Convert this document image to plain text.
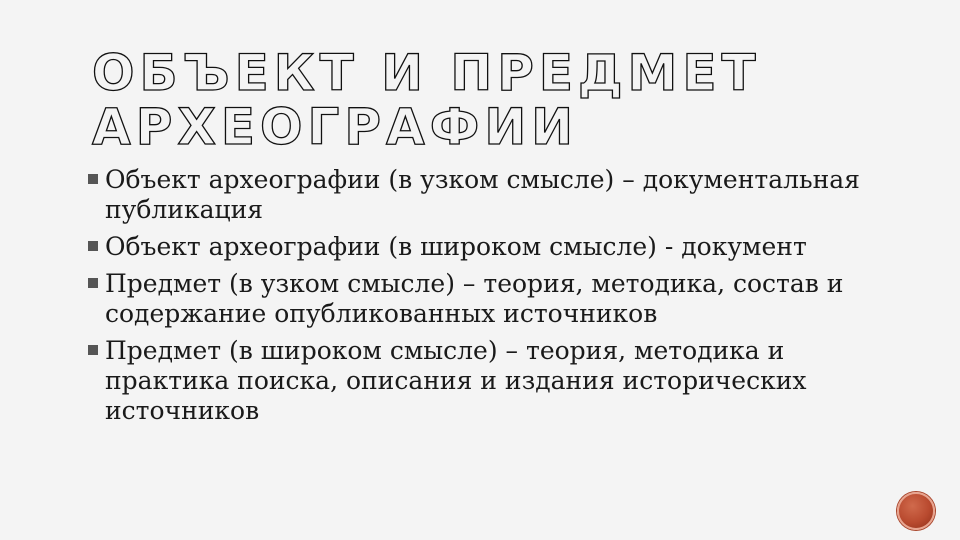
ОБЪЕКТ И ПРЕДМЕТ
АРХЕОГРАФИИ
Объект археографии (в узком смысле) – документальная публикация
Объект археографии (в широком смысле) - документ
Предмет (в узком смысле) – теория, методика, состав и содержание опубликованных источников
Предмет (в широком смысле) – теория, методика и практика поиска, описания и издания исторических источников
